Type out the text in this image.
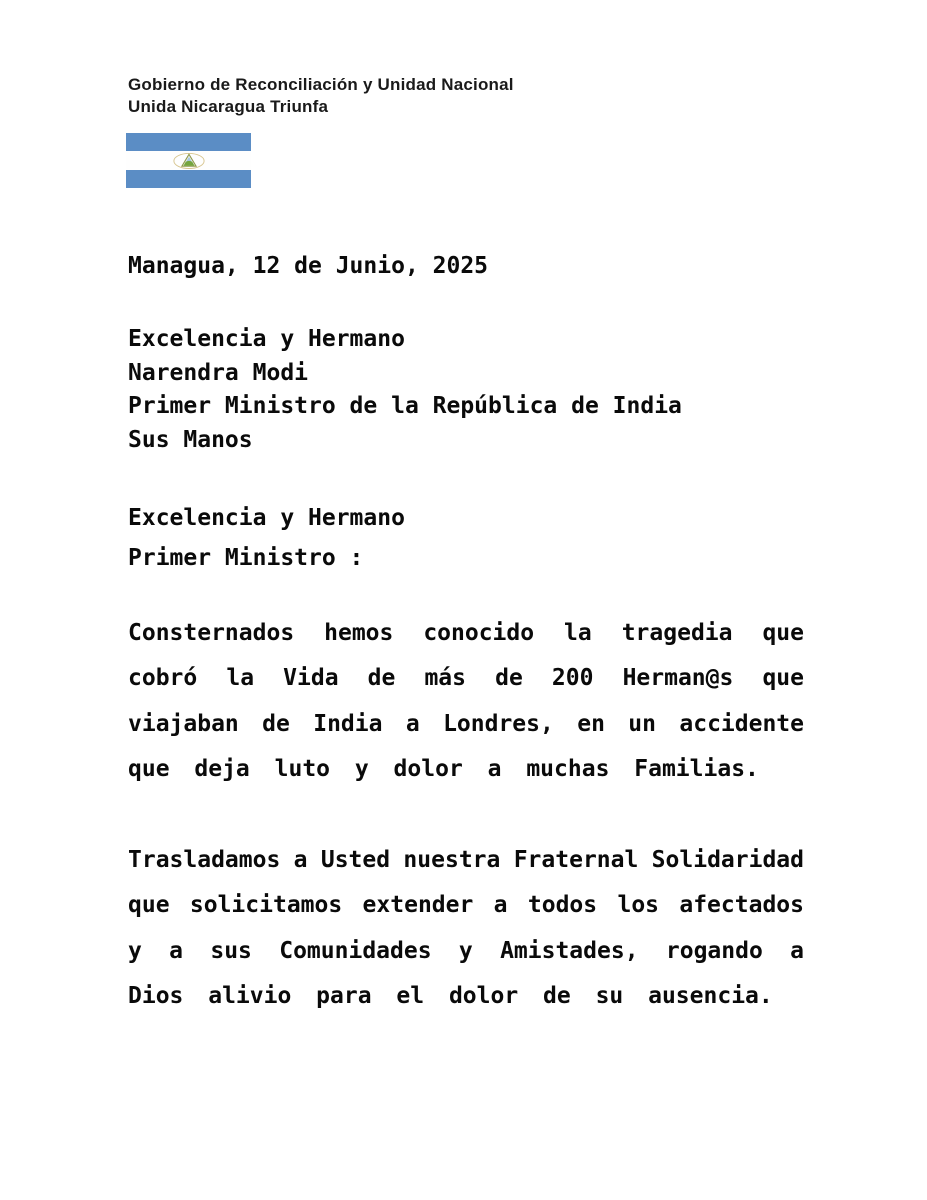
Gobierno de Reconciliación y Unidad Nacional
Unida Nicaragua Triunfa
Managua, 12 de Junio, 2025
Excelencia y Hermano
Narendra Modi
Primer Ministro de la República de India
Sus Manos
Excelencia y Hermano
Primer Ministro :
Consternados hemos conocido la tragedia que
cobró la Vida de más de 200 Herman@s que
viajaban de India a Londres, en un accidente
que deja luto y dolor a muchas Familias.
Trasladamos a Usted nuestra Fraternal Solidaridad
que solicitamos extender a todos los afectados
y a sus Comunidades y Amistades, rogando a
Dios alivio para el dolor de su ausencia.
